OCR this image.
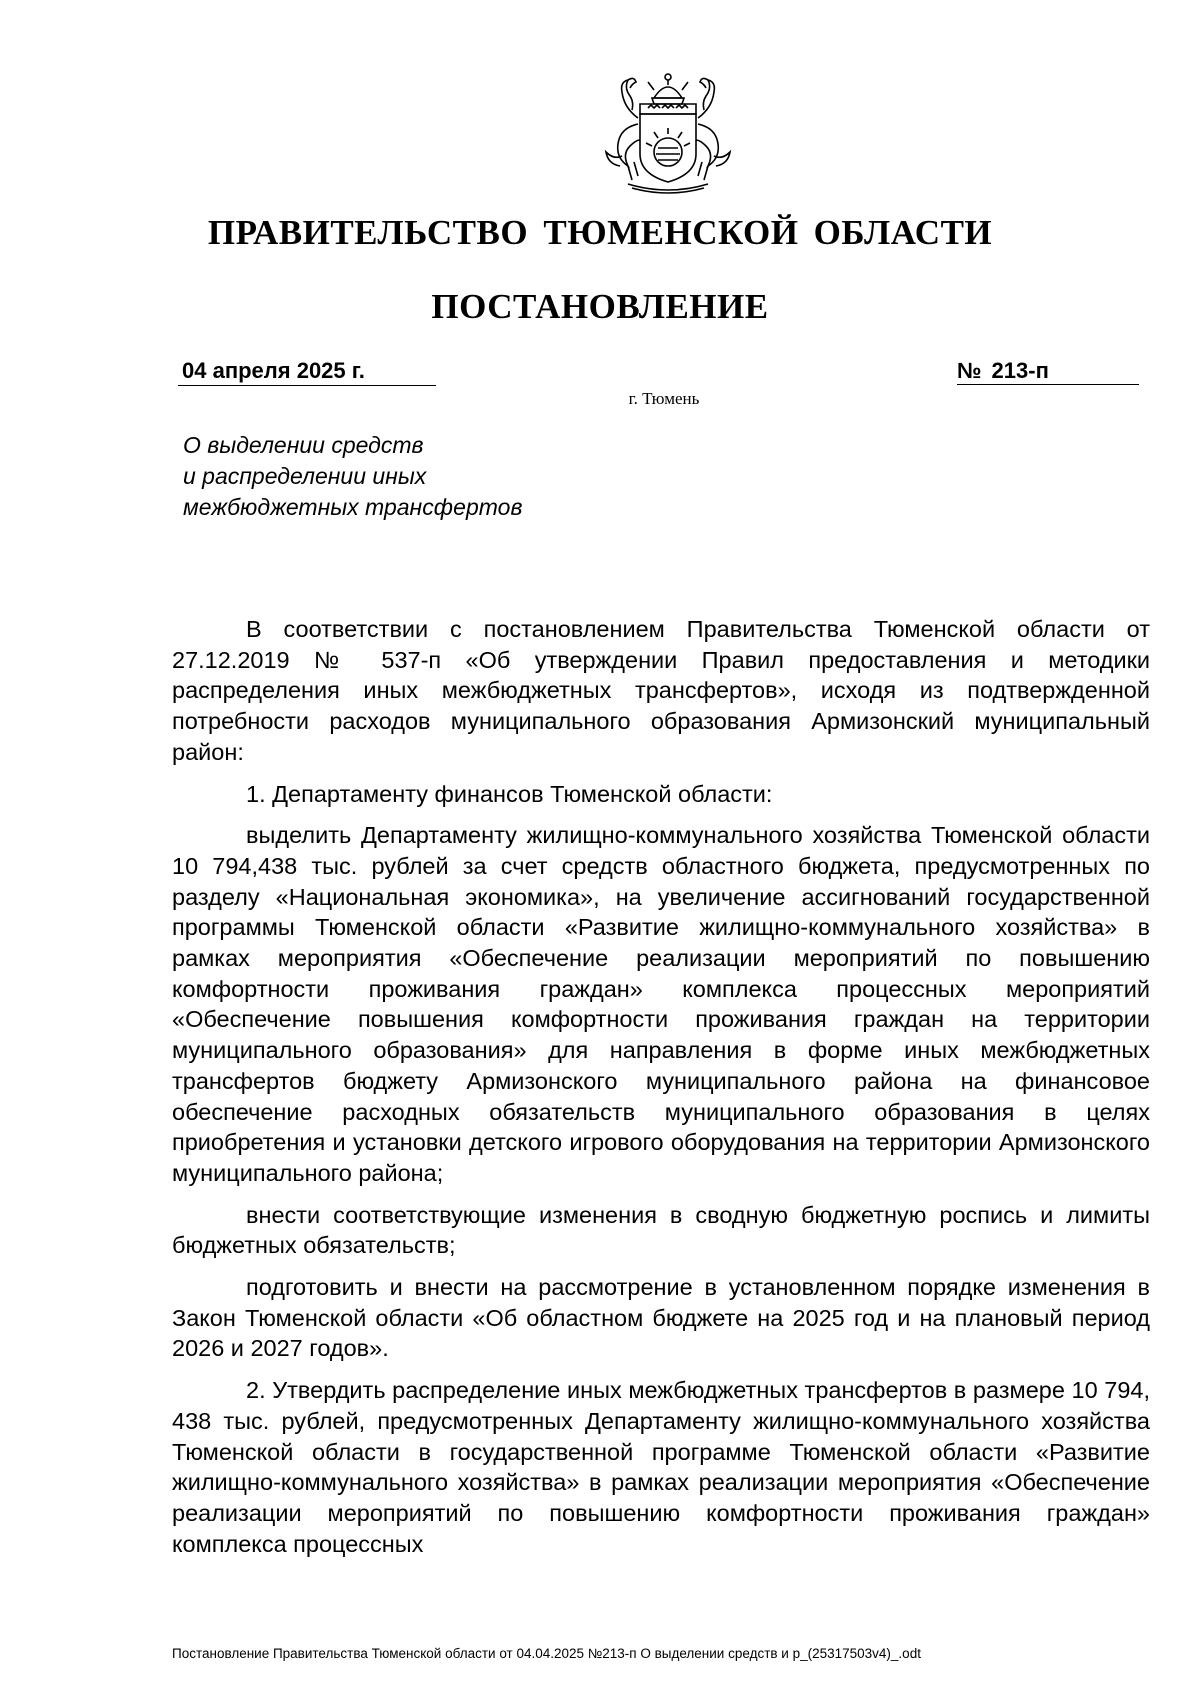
ПРАВИТЕЛЬСТВО ТЮМЕНСКОЙ ОБЛАСТИ
ПОСТАНОВЛЕНИЕ
04 апреля 2025 г.	№ 213-п
г. Тюмень
О выделении средств
и распределении иных
межбюджетных трансфертов

В соответствии с постановлением Правительства Тюменской области от 27.12.2019 № 537-п «Об утверждении Правил предоставления и методики распределения иных межбюджетных трансфертов», исходя из подтвержденной потребности расходов муниципального образования Армизонский муниципальный район:

1. Департаменту финансов Тюменской области:

выделить Департаменту жилищно-коммунального хозяйства Тюменской области 10 794,438 тыс. рублей за счет средств областного бюджета, предусмотренных по разделу «Национальная экономика», на увеличение ассигнований государственной программы Тюменской области «Развитие жилищно-коммунального хозяйства» в рамках мероприятия «Обеспечение реализации мероприятий по повышению комфортности проживания граждан» комплекса процессных мероприятий «Обеспечение повышения комфортности проживания граждан на территории муниципального образования» для направления в форме иных межбюджетных трансфертов бюджету Армизонского муниципального района на финансовое обеспечение расходных обязательств муниципального образования в целях приобретения и установки детского игрового оборудования на территории Армизонского муниципального района;

внести соответствующие изменения в сводную бюджетную роспись и лимиты бюджетных обязательств;

подготовить и внести на рассмотрение в установленном порядке изменения в Закон Тюменской области «Об областном бюджете на 2025 год и на плановый период 2026 и 2027 годов».

2. Утвердить распределение иных межбюджетных трансфертов в размере 10 794, 438 тыс. рублей, предусмотренных Департаменту жилищно-коммунального хозяйства Тюменской области в государственной программе Тюменской области «Развитие жилищно-коммунального хозяйства» в рамках реализации мероприятия «Обеспечение реализации мероприятий по повышению комфортности проживания граждан» комплекса процессных

Постановление Правительства Тюменской области от 04.04.2025 №213-п О выделении средств и р_(25317503v4)_.odt
